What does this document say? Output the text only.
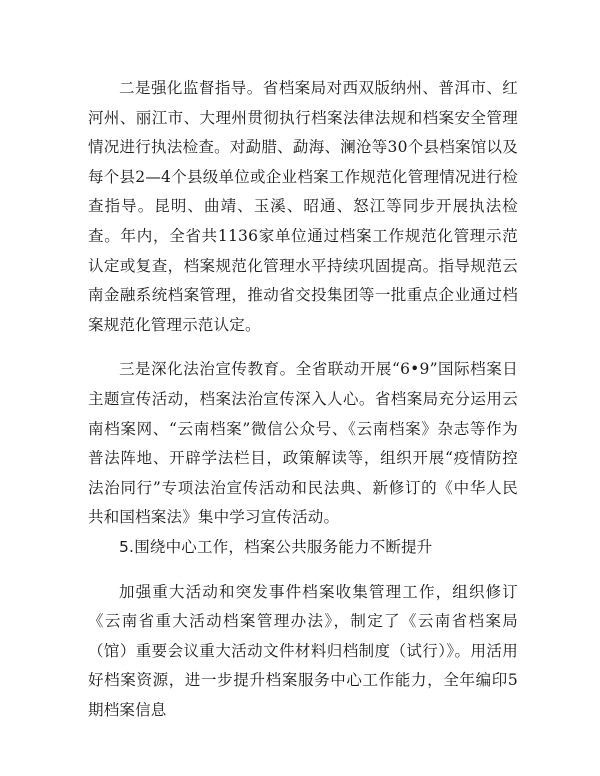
二是强化监督指导。省档案局对西双版纳州、普洱市、红河州、丽江市、大理州贯彻执行档案法律法规和档案安全管理情况进行执法检查。对勐腊、勐海、澜沧等30个县档案馆以及每个县2—4个县级单位或企业档案工作规范化管理情况进行检查指导。昆明、曲靖、玉溪、昭通、怒江等同步开展执法检查。年内，全省共1136家单位通过档案工作规范化管理示范认定或复查，档案规范化管理水平持续巩固提高。指导规范云南金融系统档案管理，推动省交投集团等一批重点企业通过档案规范化管理示范认定。

三是深化法治宣传教育。全省联动开展“6•9”国际档案日主题宣传活动，档案法治宣传深入人心。省档案局充分运用云南档案网、“云南档案”微信公众号、《云南档案》杂志等作为普法阵地、开辟学法栏目，政策解读等，组织开展“疫情防控法治同行”专项法治宣传活动和民法典、新修订的《中华人民共和国档案法》集中学习宣传活动。

5.围绕中心工作，档案公共服务能力不断提升

加强重大活动和突发事件档案收集管理工作，组织修订《云南省重大活动档案管理办法》，制定了《云南省档案局（馆）重要会议重大活动文件材料归档制度（试行）》。用活用好档案资源，进一步提升档案服务中心工作能力，全年编印5期档案信息
